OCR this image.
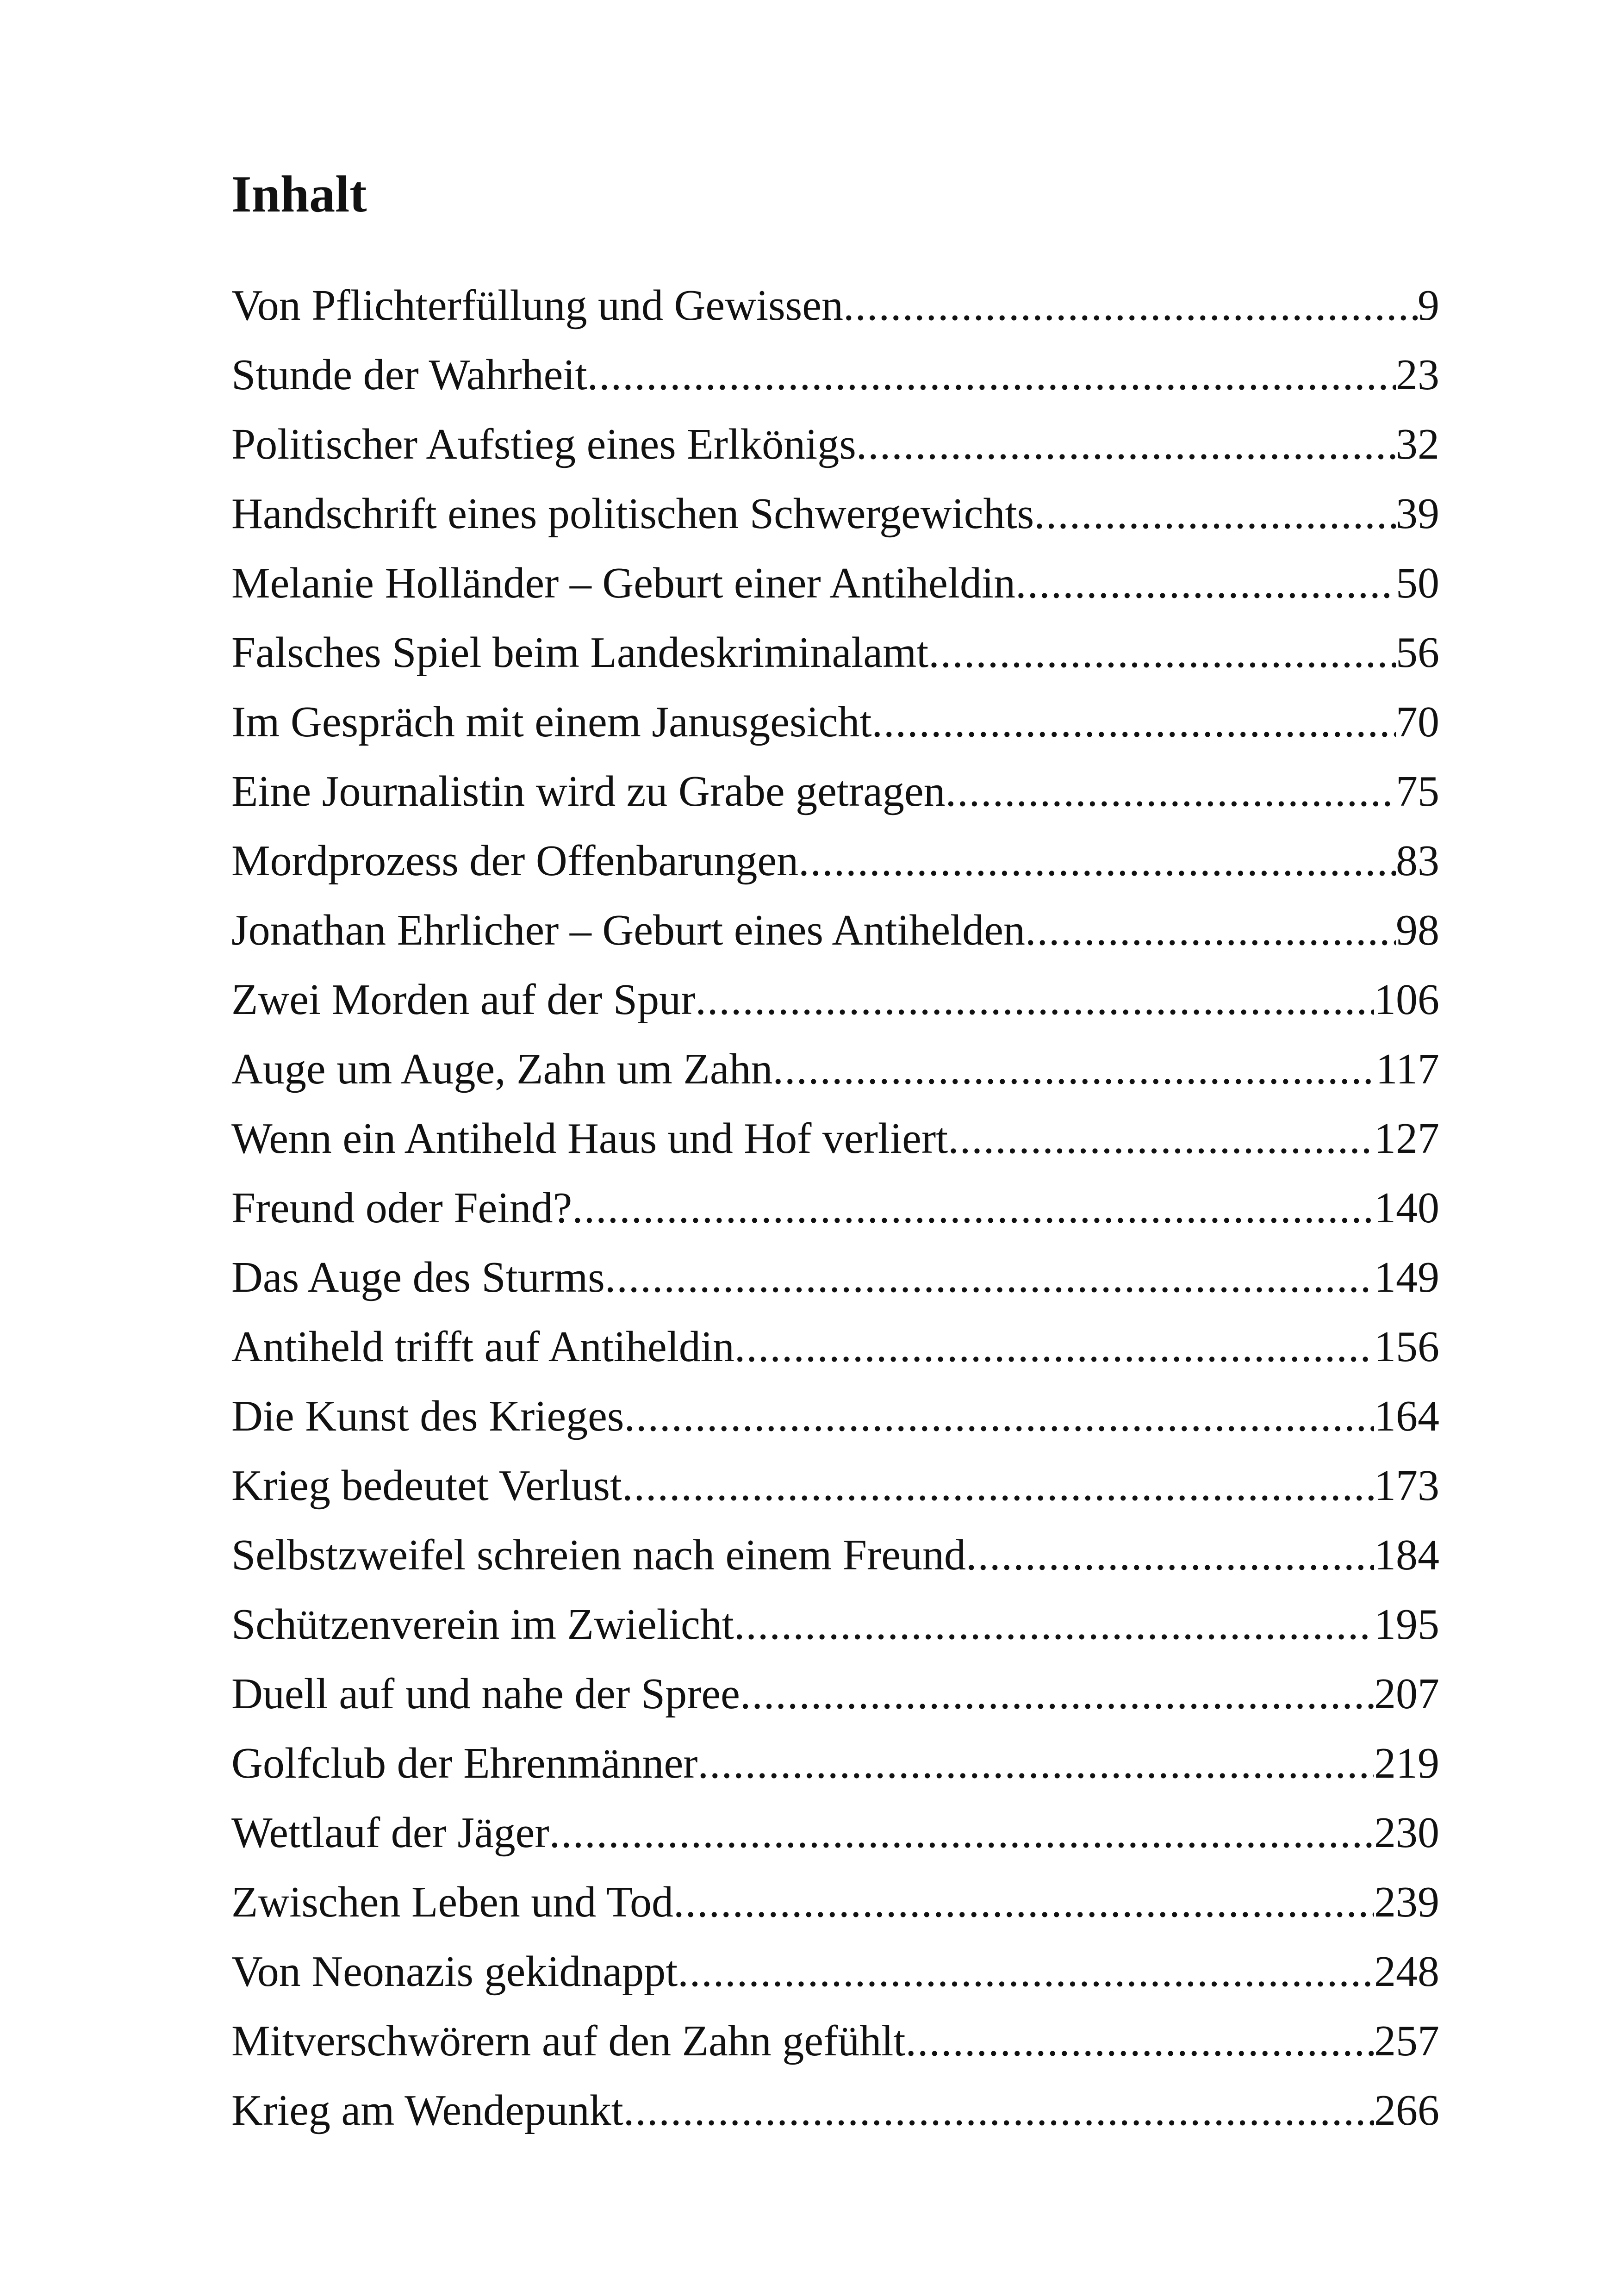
Inhalt
Von Pflichterfüllung und Gewissen .....	9
Stunde der Wahrheit .....	23
Politischer Aufstieg eines Erlkönigs .....	32
Handschrift eines politischen Schwergewichts .....	39
Melanie Holländer – Geburt einer Antiheldin .....	50
Falsches Spiel beim Landeskriminalamt .....	56
Im Gespräch mit einem Janusgesicht .....	70
Eine Journalistin wird zu Grabe getragen .....	75
Mordprozess der Offenbarungen .....	83
Jonathan Ehrlicher – Geburt eines Antihelden .....	98
Zwei Morden auf der Spur .....	106
Auge um Auge, Zahn um Zahn .....	117
Wenn ein Antiheld Haus und Hof verliert .....	127
Freund oder Feind? .....	140
Das Auge des Sturms .....	149
Antiheld trifft auf Antiheldin .....	156
Die Kunst des Krieges .....	164
Krieg bedeutet Verlust .....	173
Selbstzweifel schreien nach einem Freund .....	184
Schützenverein im Zwielicht .....	195
Duell auf und nahe der Spree .....	207
Golfclub der Ehrenmänner .....	219
Wettlauf der Jäger .....	230
Zwischen Leben und Tod .....	239
Von Neonazis gekidnappt .....	248
Mitverschwörern auf den Zahn gefühlt .....	257
Krieg am Wendepunkt .....	266
